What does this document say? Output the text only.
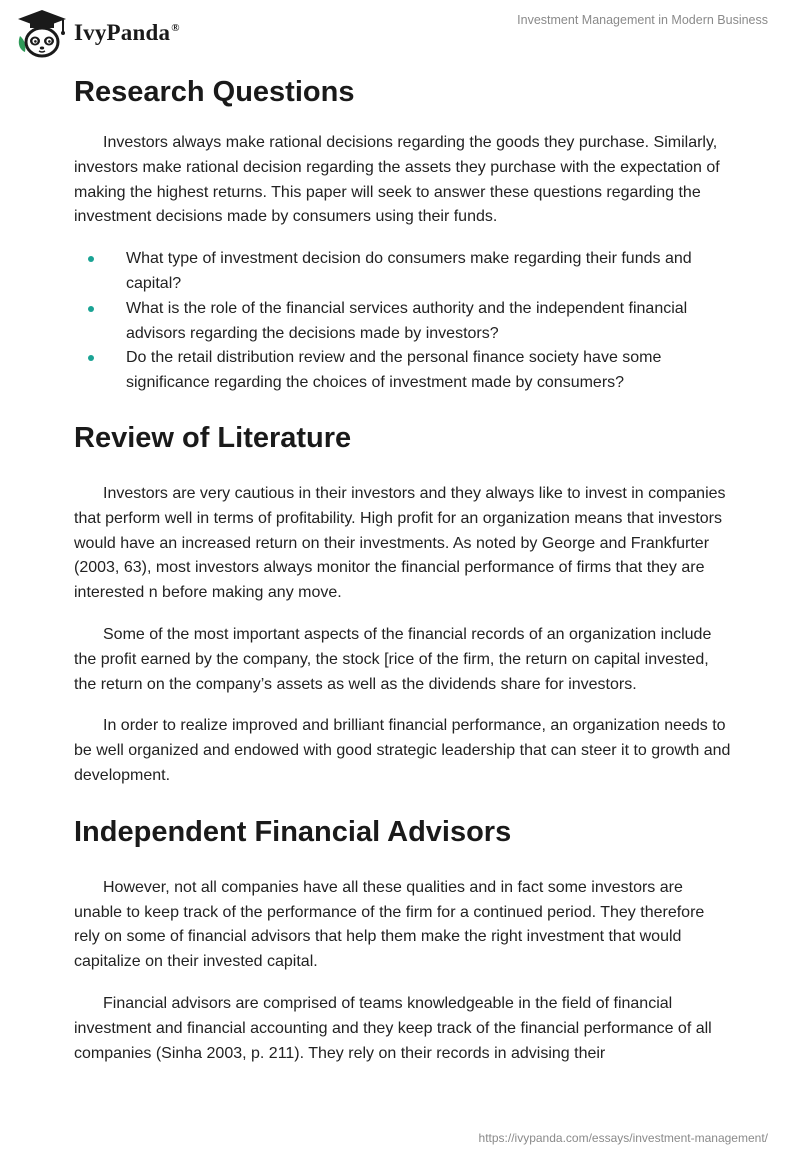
IvyPanda®
Investment Management in Modern Business
Research Questions

Investors always make rational decisions regarding the goods they purchase. Similarly, investors make rational decision regarding the assets they purchase with the expectation of making the highest returns. This paper will seek to answer these questions regarding the investment decisions made by consumers using their funds.

What type of investment decision do consumers make regarding their funds and capital?
What is the role of the financial services authority and the independent financial advisors regarding the decisions made by investors?
Do the retail distribution review and the personal finance society have some significance regarding the choices of investment made by consumers?
Review of Literature

Investors are very cautious in their investors and they always like to invest in companies that perform well in terms of profitability. High profit for an organization means that investors would have an increased return on their investments. As noted by George and Frankfurter (2003, 63), most investors always monitor the financial performance of firms that they are interested n before making any move.

Some of the most important aspects of the financial records of an organization include the profit earned by the company, the stock [rice of the firm, the return on capital invested, the return on the company’s assets as well as the dividends share for investors.

In order to realize improved and brilliant financial performance, an organization needs to be well organized and endowed with good strategic leadership that can steer it to growth and development.

Independent Financial Advisors

However, not all companies have all these qualities and in fact some investors are unable to keep track of the performance of the firm for a continued period. They therefore rely on some of financial advisors that help them make the right investment that would capitalize on their invested capital.

Financial advisors are comprised of teams knowledgeable in the field of financial investment and financial accounting and they keep track of the financial performance of all companies (Sinha 2003, p. 211). They rely on their records in advising their

https://ivypanda.com/essays/investment-management/
